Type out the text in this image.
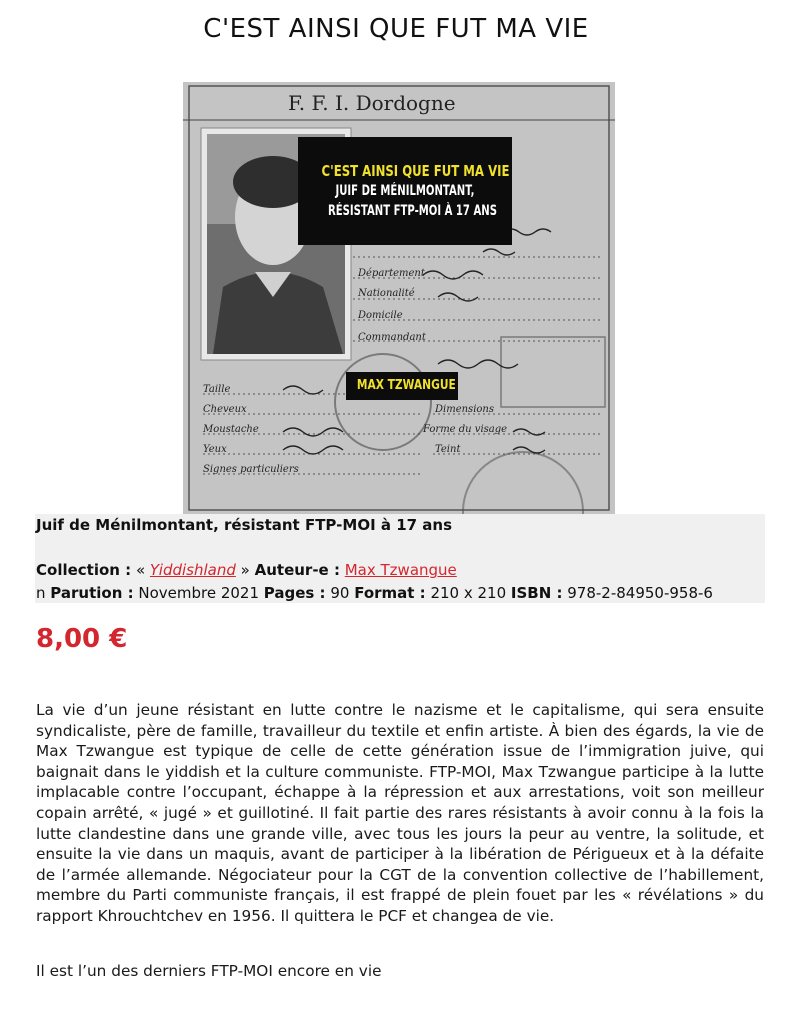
C'EST AINSI QUE FUT MA VIE
F. F. I. Dordogne
Taille
Cheveux
Moustache
Yeux
Signes particuliers
Département
Nationalité
Domicile
Commandant
Dimensions
Forme du visage
Teint
C'EST AINSI QUE FUT MA VIE
JUIF DE MÉNILMONTANT,
RÉSISTANT FTP-MOI À 17 ANS
MAX TZWANGUE
Juif de Ménilmontant, résistant FTP-MOI à 17 ans
Collection : « Yiddishland » Auteur-e : Max Tzwangue
n Parution : Novembre 2021 Pages : 90 Format : 210 x 210 ISBN : 978-2-84950-958-6
8,00 €

La vie d’un jeune résistant en lutte contre le nazisme et le capitalisme, qui sera ensuite syndicaliste, père de famille, travailleur du textile et enfin artiste. À bien des égards, la vie de Max Tzwangue est typique de celle de cette génération issue de l’immigration juive, qui baignait dans le yiddish et la culture communiste. FTP-MOI, Max Tzwangue participe à la lutte implacable contre l’occupant, échappe à la répression et aux arrestations, voit son meilleur copain arrêté, « jugé » et guillotiné. Il fait partie des rares résistants à avoir connu à la fois la lutte clandestine dans une grande ville, avec tous les jours la peur au ventre, la solitude, et ensuite la vie dans un maquis, avant de participer à la libération de Périgueux et à la défaite de l’armée allemande. Négociateur pour la CGT de la convention collective de l’habillement, membre du Parti communiste français, il est frappé de plein fouet par les « révélations » du rapport Khrouchtchev en 1956. Il quittera le PCF et changea de vie.

Il est l’un des derniers FTP-MOI encore en vie
